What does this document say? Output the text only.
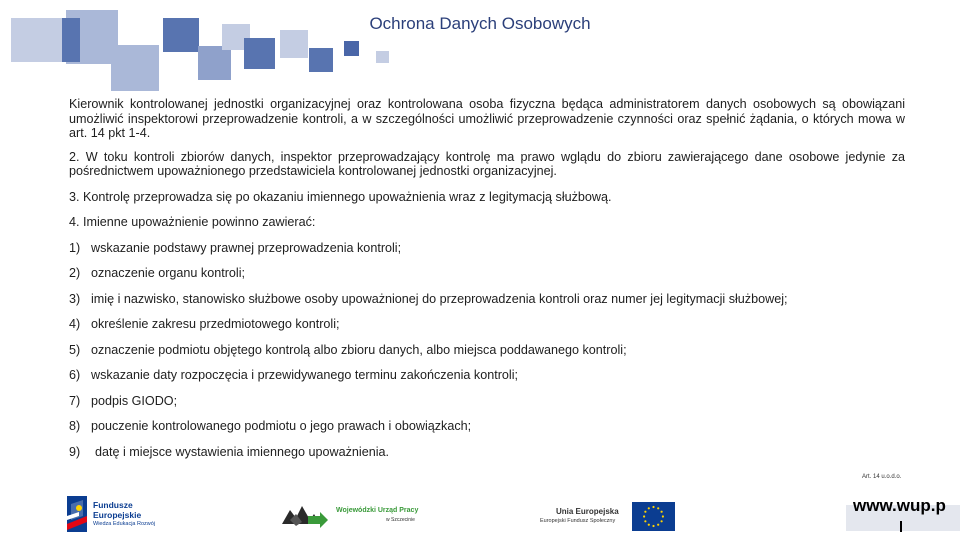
Ochrona Danych Osobowych

Kierownik kontrolowanej jednostki organizacyjnej oraz kontrolowana osoba fizyczna będąca administratorem danych osobowych są obowiązani umożliwić inspektorowi przeprowadzenie kontroli, a w szczególności umożliwić przeprowadzenie czynności oraz spełnić żądania, o których mowa w art. 14 pkt 1-4.

2. W toku kontroli zbiorów danych, inspektor przeprowadzający kontrolę ma prawo wglądu do zbioru zawierającego dane osobowe jedynie za pośrednictwem upoważnionego przedstawiciela kontrolowanej jednostki organizacyjnej.

3. Kontrolę przeprowadza się po okazaniu imiennego upoważnienia wraz z legitymacją służbową.

4. Imienne upoważnienie powinno zawierać:

1) wskazanie podstawy prawnej przeprowadzenia kontroli;
2) oznaczenie organu kontroli;
3) imię i nazwisko, stanowisko służbowe osoby upoważnionej do przeprowadzenia kontroli oraz numer jej legitymacji służbowej;
4) określenie zakresu przedmiotowego kontroli;
5) oznaczenie podmiotu objętego kontrolą albo zbioru danych, albo miejsca poddawanego kontroli;
6) wskazanie daty rozpoczęcia i przewidywanego terminu zakończenia kontroli;
7) podpis GIODO;
8) pouczenie kontrolowanego podmiotu o jego prawach i obowiązkach;
9)	datę i miejsce wystawienia imiennego upoważnienia.
Art. 14 u.o.d.o.
Fundusze
Europejskie
Wiedza Edukacja Rozwój
Wojewódzki Urząd Pracy
w Szczecinie
Unia Europejska
Europejski Fundusz Społeczny
www.wup.p
